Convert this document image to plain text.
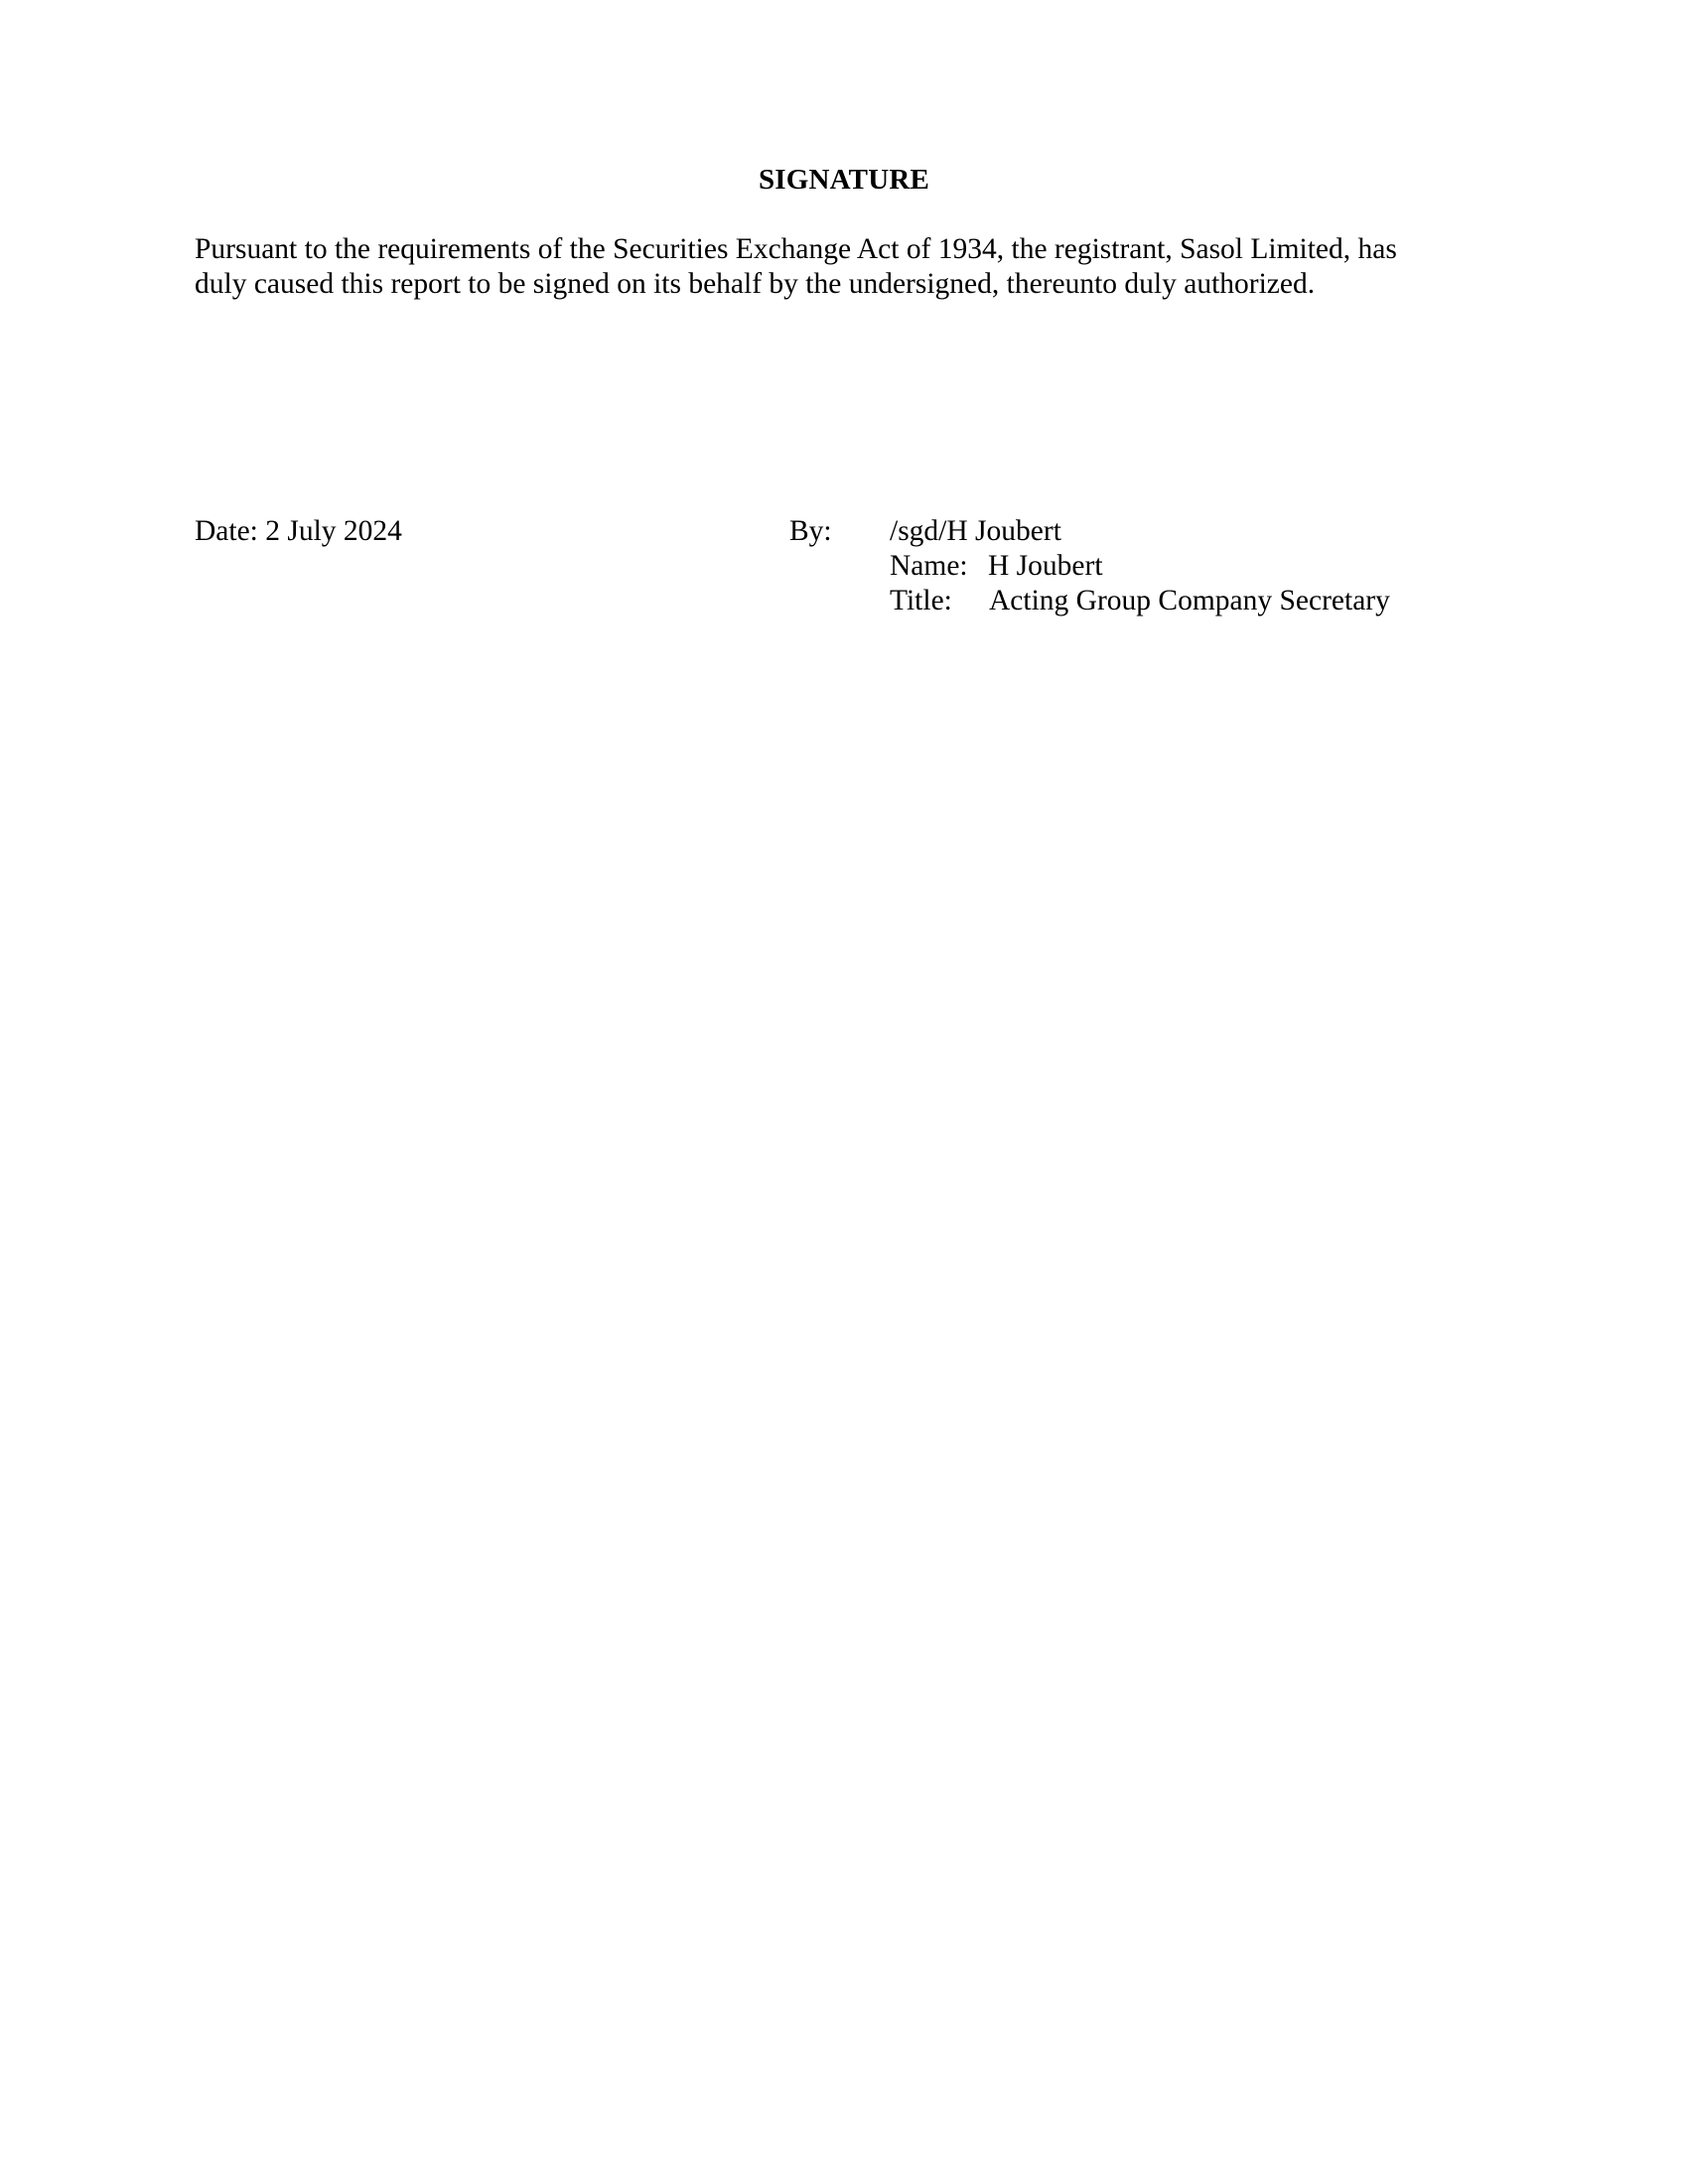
SIGNATURE
Pursuant to the requirements of the Securities Exchange Act of 1934, the registrant, Sasol Limited, has
duly caused this report to be signed on its behalf by the undersigned, thereunto duly authorized.
Date: 2 July 2024	By: /sgd/H Joubert
Name: H Joubert
Title: Acting Group Company Secretary
